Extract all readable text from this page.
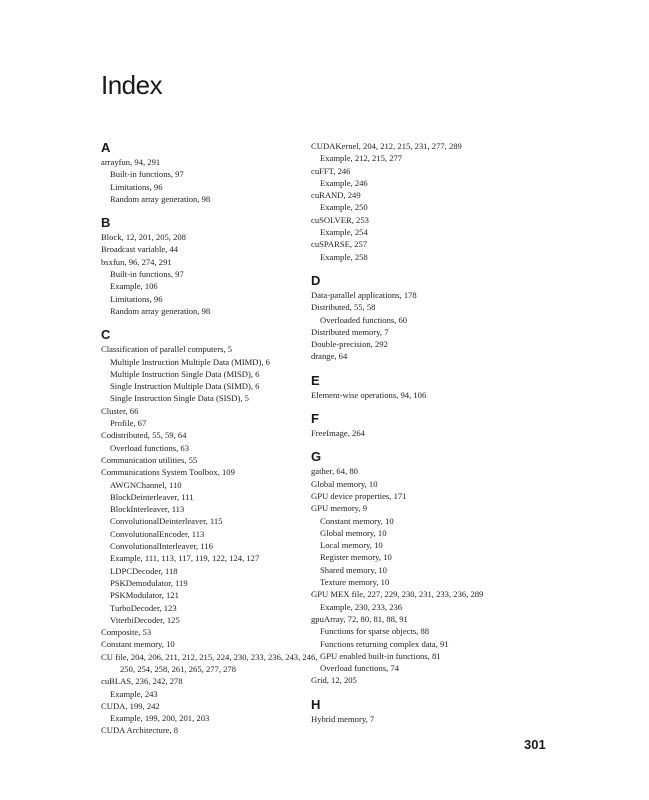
Index
A
arrayfun, 94, 291
Built-in functions, 97
Limitations, 96
Random array generation, 98
B
Block, 12, 201, 205, 208
Broadcast variable, 44
bsxfun, 96, 274, 291
Built-in functions, 97
Example, 106
Limitations, 96
Random array generation, 98
C
Classification of parallel computers, 5
Multiple Instruction Multiple Data (MIMD), 6
Multiple Instruction Single Data (MISD), 6
Single Instruction Multiple Data (SIMD), 6
Single Instruction Single Data (SISD), 5
Cluster, 66
Profile, 67
Codistributed, 55, 59, 64
Overload functions, 63
Communication utilities, 55
Communications System Toolbox, 109
AWGNChannel, 110
BlockDeinterleaver, 111
BlockInterleaver, 113
ConvolutionalDeinterleaver, 115
ConvolutionalEncoder, 113
ConvolutionalInterleaver, 116
Example, 111, 113, 117, 119, 122, 124, 127
LDPCDecoder, 118
PSKDemodulator, 119
PSKModulator, 121
TurboDecoder, 123
ViterbiDecoder, 125
Composite, 53
Constant memory, 10
CU file, 204, 206, 211, 212, 215, 224, 230, 233, 236, 243, 246, 250, 254, 258, 261, 265, 277, 278
cuBLAS, 236, 242, 278
Example, 243
CUDA, 199, 242
Example, 199, 200, 201, 203
CUDA Architecture, 8
CUDAKernel, 204, 212, 215, 231, 277, 289
Example, 212, 215, 277
cuFFT, 246
Example, 246
cuRAND, 249
Example, 250
cuSOLVER, 253
Example, 254
cuSPARSE, 257
Example, 258
D
Data-parallel applications, 178
Distributed, 55, 58
Overloaded functions, 60
Distributed memory, 7
Double-precision, 292
drange, 64
E
Element-wise operations, 94, 106
F
FreeImage, 264
G
gather, 64, 80
Global memory, 10
GPU device properties, 171
GPU memory, 9
Constant memory, 10
Global memory, 10
Local memory, 10
Register memory, 10
Shared memory, 10
Texture memory, 10
GPU MEX file, 227, 229, 230, 231, 233, 236, 289
Example, 230, 233, 236
gpuArray, 72, 80, 81, 88, 91
Functions for sparse objects, 88
Functions returning complex data, 91
GPU enabled built-in functions, 81
Overload functions, 74
Grid, 12, 205
H
Hybrid memory, 7
301
